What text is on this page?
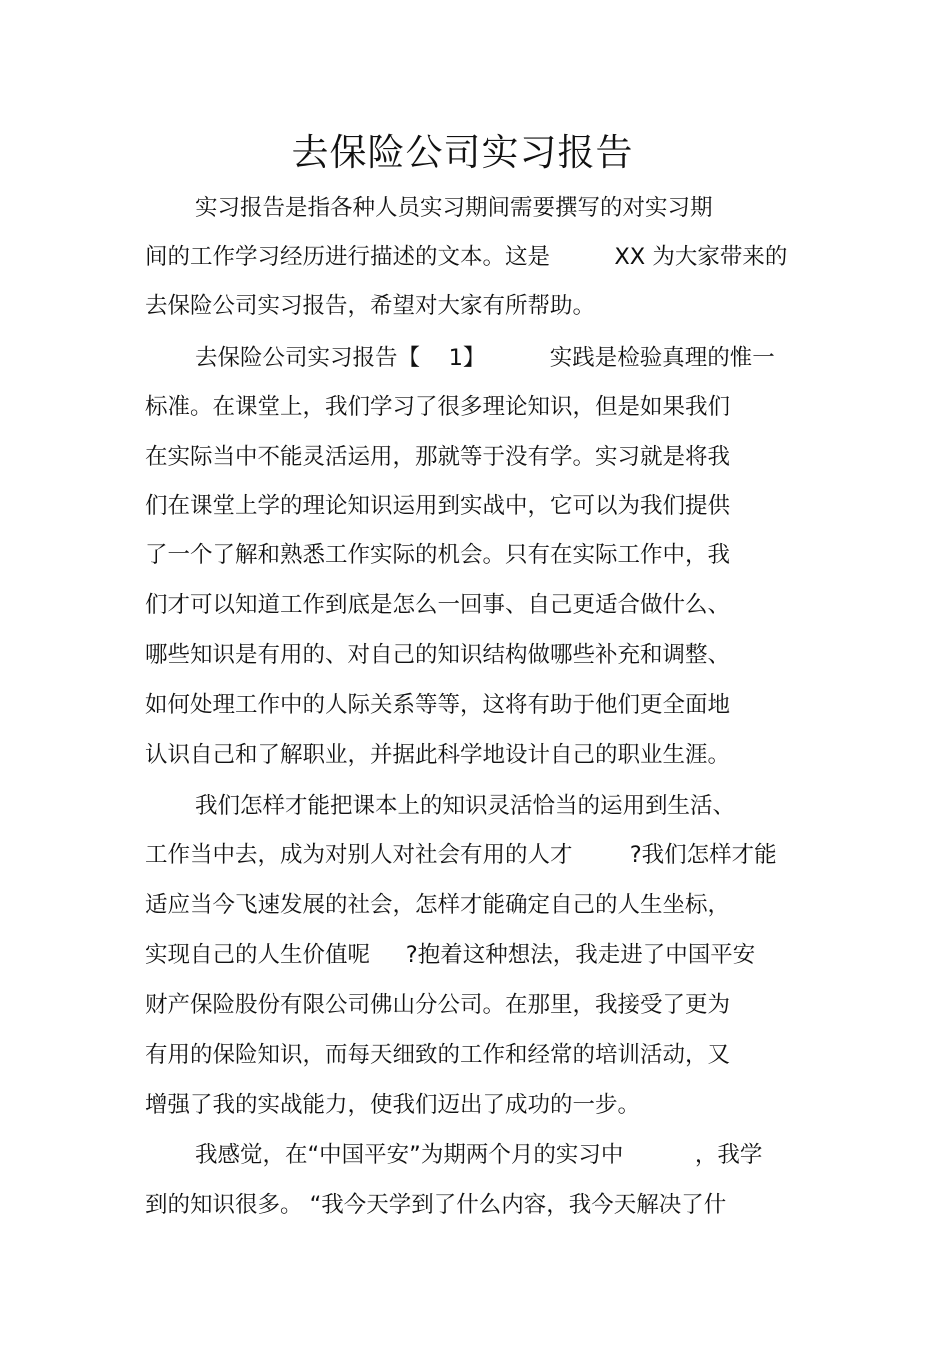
去保险公司实习报告

实习报告是指各种人员实习期间需要撰写的对实习期

间的工作学习经历进行描述的文本。这是         XX 为大家带来的

去保险公司实习报告，希望对大家有所帮助。

去保险公司实习报告【    1】         实践是检验真理的惟一

标准。在课堂上，我们学习了很多理论知识，但是如果我们

在实际当中不能灵活运用，那就等于没有学。实习就是将我

们在课堂上学的理论知识运用到实战中，它可以为我们提供

了一个了解和熟悉工作实际的机会。只有在实际工作中，我

们才可以知道工作到底是怎么一回事、自己更适合做什么、

哪些知识是有用的、对自己的知识结构做哪些补充和调整、

如何处理工作中的人际关系等等，这将有助于他们更全面地

认识自己和了解职业，并据此科学地设计自己的职业生涯。

我们怎样才能把课本上的知识灵活恰当的运用到生活、

工作当中去，成为对别人对社会有用的人才        ?我们怎样才能

适应当今飞速发展的社会，怎样才能确定自己的人生坐标，

实现自己的人生价值呢     ?抱着这种想法，我走进了中国平安

财产保险股份有限公司佛山分公司。在那里，我接受了更为

有用的保险知识，而每天细致的工作和经常的培训活动，又

增强了我的实战能力，使我们迈出了成功的一步。

我感觉，在“中国平安”为期两个月的实习中          ，我学

到的知识很多。 “我今天学到了什么内容，我今天解决了什
